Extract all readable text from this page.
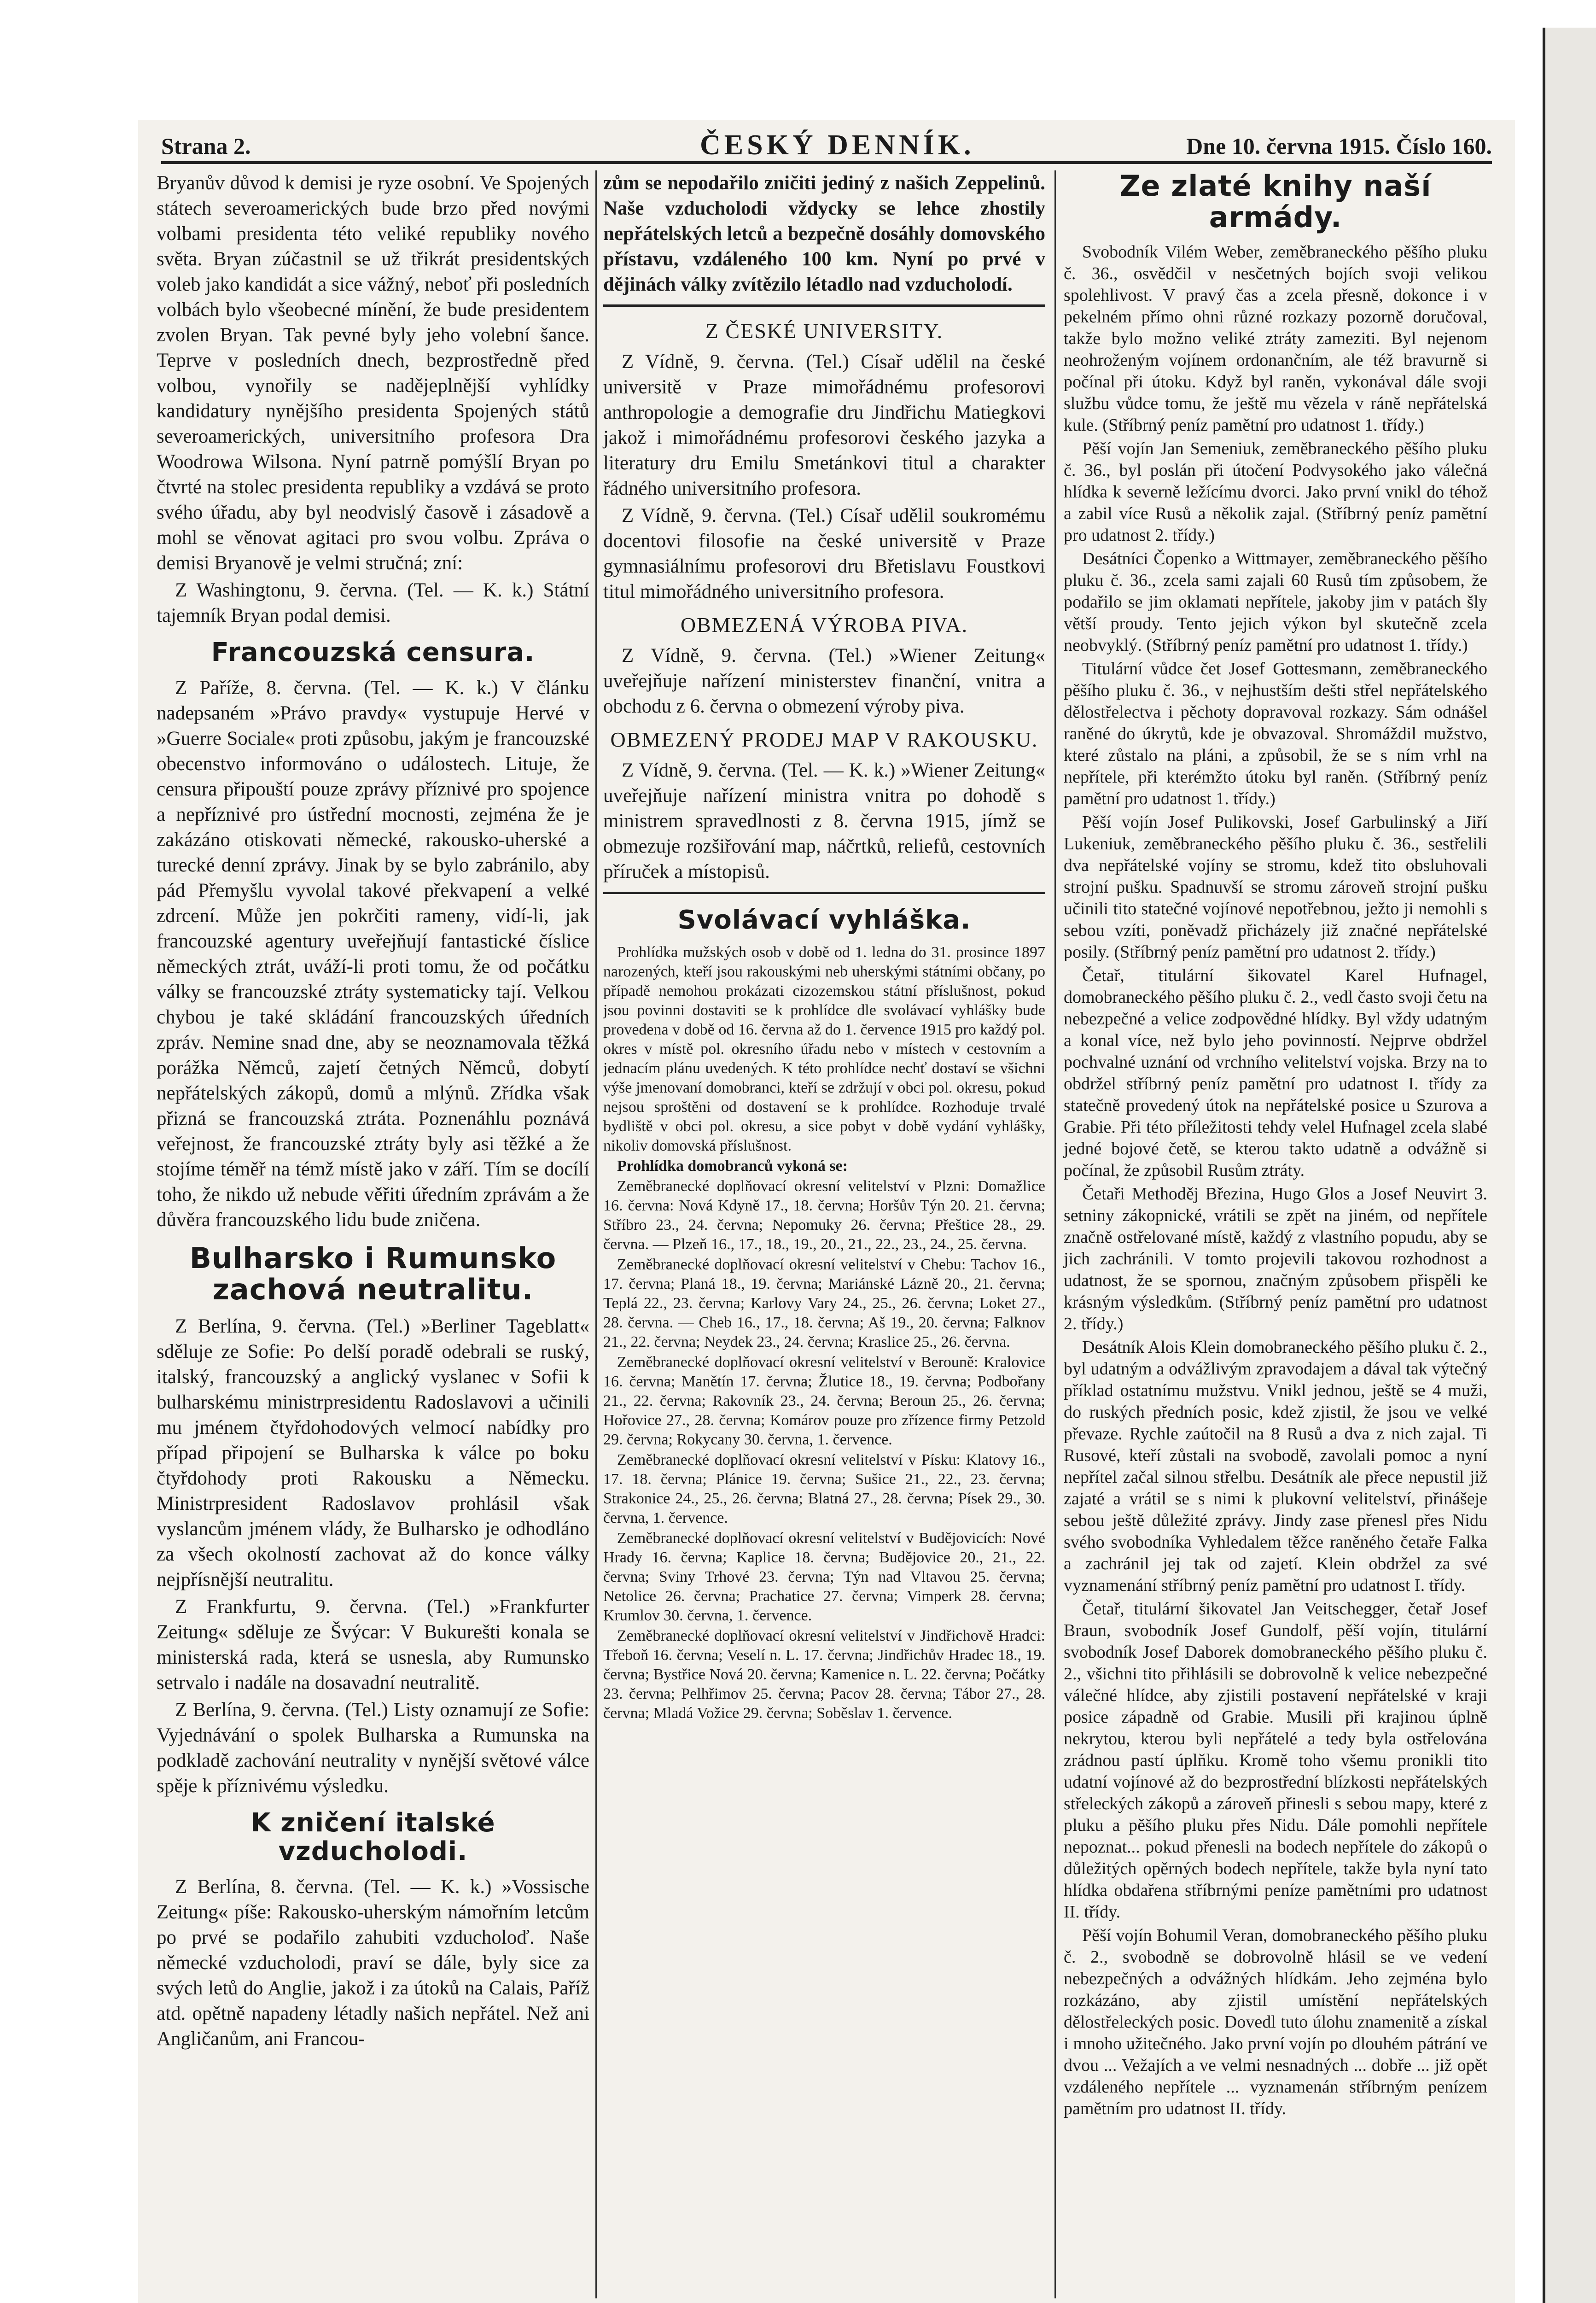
Strana 2.	ČESKÝ DENNÍK.	Dne 10. června 1915. Číslo 160.

Bryanův důvod k demisi je ryze osobní. Ve Spojených státech severoamerických bude brzo před novými volbami presidenta této veliké republiky nového světa. Bryan zúčastnil se už třikrát presidentských voleb jako kandidát a sice vážný, neboť při posledních volbách bylo všeobecné mínění, že bude presidentem zvolen Bryan. Tak pevné byly jeho volební šance. Teprve v posledních dnech, bezprostředně před volbou, vynořily se nadějeplnější vyhlídky kandidatury nynějšího presidenta Spojených států severoamerických, universitního profesora Dra Woodrowa Wilsona. Nyní patrně pomýšlí Bryan po čtvrté na stolec presidenta republiky a vzdává se proto svého úřadu, aby byl neodvislý časově i zásadově a mohl se věnovat agitaci pro svou volbu. Zpráva o demisi Bryanově je velmi stručná; zní:

Z Washingtonu, 9. června. (Tel. — K. k.) Státní tajemník Bryan podal demisi.

Francouzská censura.

Z Paříže, 8. června. (Tel. — K. k.) V článku nadepsaném »Právo pravdy« vystupuje Hervé v »Guerre Sociale« proti způsobu, jakým je francouzské obecenstvo informováno o událostech. Lituje, že censura připouští pouze zprávy příznivé pro spojence a nepříznivé pro ústřední mocnosti, zejména že je zakázáno otiskovati německé, rakousko-uherské a turecké denní zprávy. Jinak by se bylo zabránilo, aby pád Přemyšlu vyvolal takové překvapení a velké zdrcení. Může jen pokrčiti rameny, vidí-li, jak francouzské agentury uveřejňují fantastické číslice německých ztrát, uváží-li proti tomu, že od počátku války se francouzské ztráty systematicky tají. Velkou chybou je také skládání francouzských úředních zpráv. Nemine snad dne, aby se neoznamovala těžká porážka Němců, zajetí četných Němců, dobytí nepřátelských zákopů, domů a mlýnů. Zřídka však přizná se francouzská ztráta. Poznenáhlu poznává veřejnost, že francouzské ztráty byly asi těžké a že stojíme téměř na témž místě jako v září. Tím se docílí toho, že nikdo už nebude věřiti úředním zprávám a že důvěra francouzského lidu bude zničena.

Bulharsko i Rumunsko zachová neutralitu.

Z Berlína, 9. června. (Tel.) »Berliner Tageblatt« sděluje ze Sofie: Po delší poradě odebrali se ruský, italský, francouzský a anglický vyslanec v Sofii k bulharskému ministrpresidentu Radoslavovi a učinili mu jménem čtyřdohodových velmocí nabídky pro případ připojení se Bulharska k válce po boku čtyřdohody proti Rakousku a Německu. Ministrpresident Radoslavov prohlásil však vyslancům jménem vlády, že Bulharsko je odhodláno za všech okolností zachovat až do konce války nejpřísnější neutralitu.

Z Frankfurtu, 9. června. (Tel.) »Frankfurter Zeitung« sděluje ze Švýcar: V Bukurešti konala se ministerská rada, která se usnesla, aby Rumunsko setrvalo i nadále na dosavadní neutralitě.

Z Berlína, 9. června. (Tel.) Listy oznamují ze Sofie: Vyjednávání o spolek Bulharska a Rumunska na podkladě zachování neutrality v nynější světové válce spěje k příznivému výsledku.

K zničení italské vzducholodi.

Z Berlína, 8. června. (Tel. — K. k.) »Vossische Zeitung« píše: Rakousko-uherským námořním letcům po prvé se podařilo zahubiti vzducholoď. Naše německé vzducholodi, praví se dále, byly sice za svých letů do Anglie, jakož i za útoků na Calais, Paříž atd. opětně napadeny létadly našich nepřátel. Než ani Angličanům, ani Francou-

zům se nepodařilo zničiti jediný z našich Zeppelinů. Naše vzducholodi vždycky se lehce zhostily nepřátelských letců a bezpečně dosáhly domovského přístavu, vzdáleného 100 km. Nyní po prvé v dějinách války zvítězilo létadlo nad vzducholodí.

Z ČESKÉ UNIVERSITY.

Z Vídně, 9. června. (Tel.) Císař udělil na české universitě v Praze mimořádnému profesorovi anthropologie a demografie dru Jindřichu Matiegkovi jakož i mimořádnému profesorovi českého jazyka a literatury dru Emilu Smetánkovi titul a charakter řádného universitního profesora.

Z Vídně, 9. června. (Tel.) Císař udělil soukromému docentovi filosofie na české universitě v Praze gymnasiálnímu profesorovi dru Břetislavu Foustkovi titul mimořádného universitního profesora.

OBMEZENÁ VÝROBA PIVA.

Z Vídně, 9. června. (Tel.) »Wiener Zeitung« uveřejňuje nařízení ministerstev finanční, vnitra a obchodu z 6. června o obmezení výroby piva.

OBMEZENÝ PRODEJ MAP V RAKOUSKU.

Z Vídně, 9. června. (Tel. — K. k.) »Wiener Zeitung« uveřejňuje nařízení ministra vnitra po dohodě s ministrem spravedlnosti z 8. června 1915, jímž se obmezuje rozšiřování map, náčrtků, reliefů, cestovních příruček a místopisů.

Svolávací vyhláška.

Prohlídka mužských osob v době od 1. ledna do 31. prosince 1897 narozených, kteří jsou rakouskými neb uherskými státními občany, po případě nemohou prokázati cizozemskou státní příslušnost, pokud jsou povinni dostaviti se k prohlídce dle svolávací vyhlášky bude provedena v době od 16. června až do 1. července 1915 pro každý pol. okres v místě pol. okresního úřadu nebo v místech v cestovním a jednacím plánu uvedených. K této prohlídce nechť dostaví se všichni výše jmenovaní domobranci, kteří se zdržují v obci pol. okresu, pokud nejsou sproštěni od dostavení se k prohlídce. Rozhoduje trvalé bydliště v obci pol. okresu, a sice pobyt v době vydání vyhlášky, nikoliv domovská příslušnost.

Prohlídka domobranců vykoná se:

Zeměbranecké doplňovací okresní velitelství v Plzni: Domažlice 16. června: Nová Kdyně 17., 18. června; Horšův Týn 20. 21. června; Stříbro 23., 24. června; Nepomuky 26. června; Přeštice 28., 29. června. — Plzeň 16., 17., 18., 19., 20., 21., 22., 23., 24., 25. června.

Zeměbranecké doplňovací okresní velitelství v Chebu: Tachov 16., 17. června; Planá 18., 19. června; Mariánské Lázně 20., 21. června; Teplá 22., 23. června; Karlovy Vary 24., 25., 26. června; Loket 27., 28. června. — Cheb 16., 17., 18. června; Aš 19., 20. června; Falknov 21., 22. června; Neydek 23., 24. června; Kraslice 25., 26. června.

Zeměbranecké doplňovací okresní velitelství v Berouně: Kralovice 16. června; Manětín 17. června; Žlutice 18., 19. června; Podbořany 21., 22. června; Rakovník 23., 24. června; Beroun 25., 26. června; Hořovice 27., 28. června; Komárov pouze pro zřízence firmy Petzold 29. června; Rokycany 30. června, 1. července.

Zeměbranecké doplňovací okresní velitelství v Písku: Klatovy 16., 17. 18. června; Plánice 19. června; Sušice 21., 22., 23. června; Strakonice 24., 25., 26. června; Blatná 27., 28. června; Písek 29., 30. června, 1. července.

Zeměbranecké doplňovací okresní velitelství v Budějovicích: Nové Hrady 16. června; Kaplice 18. června; Budějovice 20., 21., 22. června; Sviny Trhové 23. června; Týn nad Vltavou 25. června; Netolice 26. června; Prachatice 27. června; Vimperk 28. června; Krumlov 30. června, 1. července.

Zeměbranecké doplňovací okresní velitelství v Jindřichově Hradci: Třeboň 16. června; Veselí n. L. 17. června; Jindřichův Hradec 18., 19. června; Bystřice Nová 20. června; Kamenice n. L. 22. června; Počátky 23. června; Pelhřimov 25. června; Pacov 28. června; Tábor 27., 28. června; Mladá Vožice 29. června; Soběslav 1. července.

Ze zlaté knihy naší armády.

Svobodník Vilém Weber, zeměbraneckého pěšího pluku č. 36., osvědčil v nesčetných bojích svoji velikou spolehlivost. V pravý čas a zcela přesně, dokonce i v pekelném přímo ohni různé rozkazy pozorně doručoval, takže bylo možno veliké ztráty zameziti. Byl nejenom neohroženým vojínem ordonančním, ale též bravurně si počínal při útoku. Když byl raněn, vykonával dále svoji službu vůdce tomu, že ještě mu vězela v ráně nepřátelská kule. (Stříbrný peníz pamětní pro udatnost 1. třídy.)

Pěší vojín Jan Semeniuk, zeměbraneckého pěšího pluku č. 36., byl poslán při útočení Podvysokého jako válečná hlídka k severně ležícímu dvorci. Jako první vnikl do téhož a zabil více Rusů a několik zajal. (Stříbrný peníz pamětní pro udatnost 2. třídy.)

Desátníci Čopenko a Wittmayer, zeměbraneckého pěšího pluku č. 36., zcela sami zajali 60 Rusů tím způsobem, že podařilo se jim oklamati nepřítele, jakoby jim v patách šly větší proudy. Tento jejich výkon byl skutečně zcela neobvyklý. (Stříbrný peníz pamětní pro udatnost 1. třídy.)

Titulární vůdce čet Josef Gottesmann, zeměbraneckého pěšího pluku č. 36., v nejhustším dešti střel nepřátelského dělostřelectva i pěchoty dopravoval rozkazy. Sám odnášel raněné do úkrytů, kde je obvazoval. Shromáždil mužstvo, které zůstalo na pláni, a způsobil, že se s ním vrhl na nepřítele, při kterémžto útoku byl raněn. (Stříbrný peníz pamětní pro udatnost 1. třídy.)

Pěší vojín Josef Pulikovski, Josef Garbulinský a Jiří Lukeniuk, zeměbraneckého pěšího pluku č. 36., sestřelili dva nepřátelské vojíny se stromu, kdež tito obsluhovali strojní pušku. Spadnuvší se stromu zároveň strojní pušku učinili tito statečné vojínové nepotřebnou, ježto ji nemohli s sebou vzíti, poněvadž přicházely již značné nepřátelské posily. (Stříbrný peníz pamětní pro udatnost 2. třídy.)

Četař, titulární šikovatel Karel Hufnagel, domobraneckého pěšího pluku č. 2., vedl často svoji četu na nebezpečné a velice zodpovědné hlídky. Byl vždy udatným a konal více, než bylo jeho povinností. Nejprve obdržel pochvalné uznání od vrchního velitelství vojska. Brzy na to obdržel stříbrný peníz pamětní pro udatnost I. třídy za statečně provedený útok na nepřátelské posice u Szurova a Grabie. Při této příležitosti tehdy velel Hufnagel zcela slabé jedné bojové četě, se kterou takto udatně a odvážně si počínal, že způsobil Rusům ztráty.

Četaři Methoděj Březina, Hugo Glos a Josef Neuvirt 3. setniny zákopnické, vrátili se zpět na jiném, od nepřítele značně ostřelované místě, každý z vlastního popudu, aby se jich zachránili. V tomto projevili takovou rozhodnost a udatnost, že se spornou, značným způsobem přispěli ke krásným výsledkům. (Stříbrný peníz pamětní pro udatnost 2. třídy.)

Desátník Alois Klein domobraneckého pěšího pluku č. 2., byl udatným a odvážlivým zpravodajem a dával tak výtečný příklad ostatnímu mužstvu. Vnikl jednou, ještě se 4 muži, do ruských předních posic, kdež zjistil, že jsou ve velké převaze. Rychle zaútočil na 8 Rusů a dva z nich zajal. Ti Rusové, kteří zůstali na svobodě, zavolali pomoc a nyní nepřítel začal silnou střelbu. Desátník ale přece nepustil již zajaté a vrátil se s nimi k plukovní velitelství, přinášeje sebou ještě důležité zprávy. Jindy zase přenesl přes Nidu svého svobodníka Vyhledalem těžce raněného četaře Falka a zachránil jej tak od zajetí. Klein obdržel za své vyznamenání stříbrný peníz pamětní pro udatnost I. třídy.

Četař, titulární šikovatel Jan Veitschegger, četař Josef Braun, svobodník Josef Gundolf, pěší vojín, titulární svobodník Josef Daborek domobraneckého pěšího pluku č. 2., všichni tito přihlásili se dobrovolně k velice nebezpečné válečné hlídce, aby zjistili postavení nepřátelské v kraji posice západně od Grabie. Musili při krajinou úplně nekrytou, kterou byli nepřátelé a tedy byla ostřelována zrádnou pastí úplňku. Kromě toho všemu pronikli tito udatní vojínové až do bezprostřední blízkosti nepřátelských střeleckých zákopů a zároveň přinesli s sebou mapy, které z pluku a pěšího pluku přes Nidu. Dále pomohli nepřítele nepoznat... pokud přenesli na bodech nepřítele do zákopů o důležitých opěrných bodech nepřítele, takže byla nyní tato hlídka obdařena stříbrnými peníze pamětními pro udatnost II. třídy.

Pěší vojín Bohumil Veran, domobraneckého pěšího pluku č. 2., svobodně se dobrovolně hlásil se ve vedení nebezpečných a odvážných hlídkám. Jeho zejména bylo rozkázáno, aby zjistil umístění nepřátelských dělostřeleckých posic. Dovedl tuto úlohu znamenitě a získal i mnoho užitečného. Jako první vojín po dlouhém pátrání ve dvou ... Vežajích a ve velmi nesnadných ... dobře ... již opět vzdáleného nepřítele ... vyznamenán stříbrným penízem pamětním pro udatnost II. třídy.
